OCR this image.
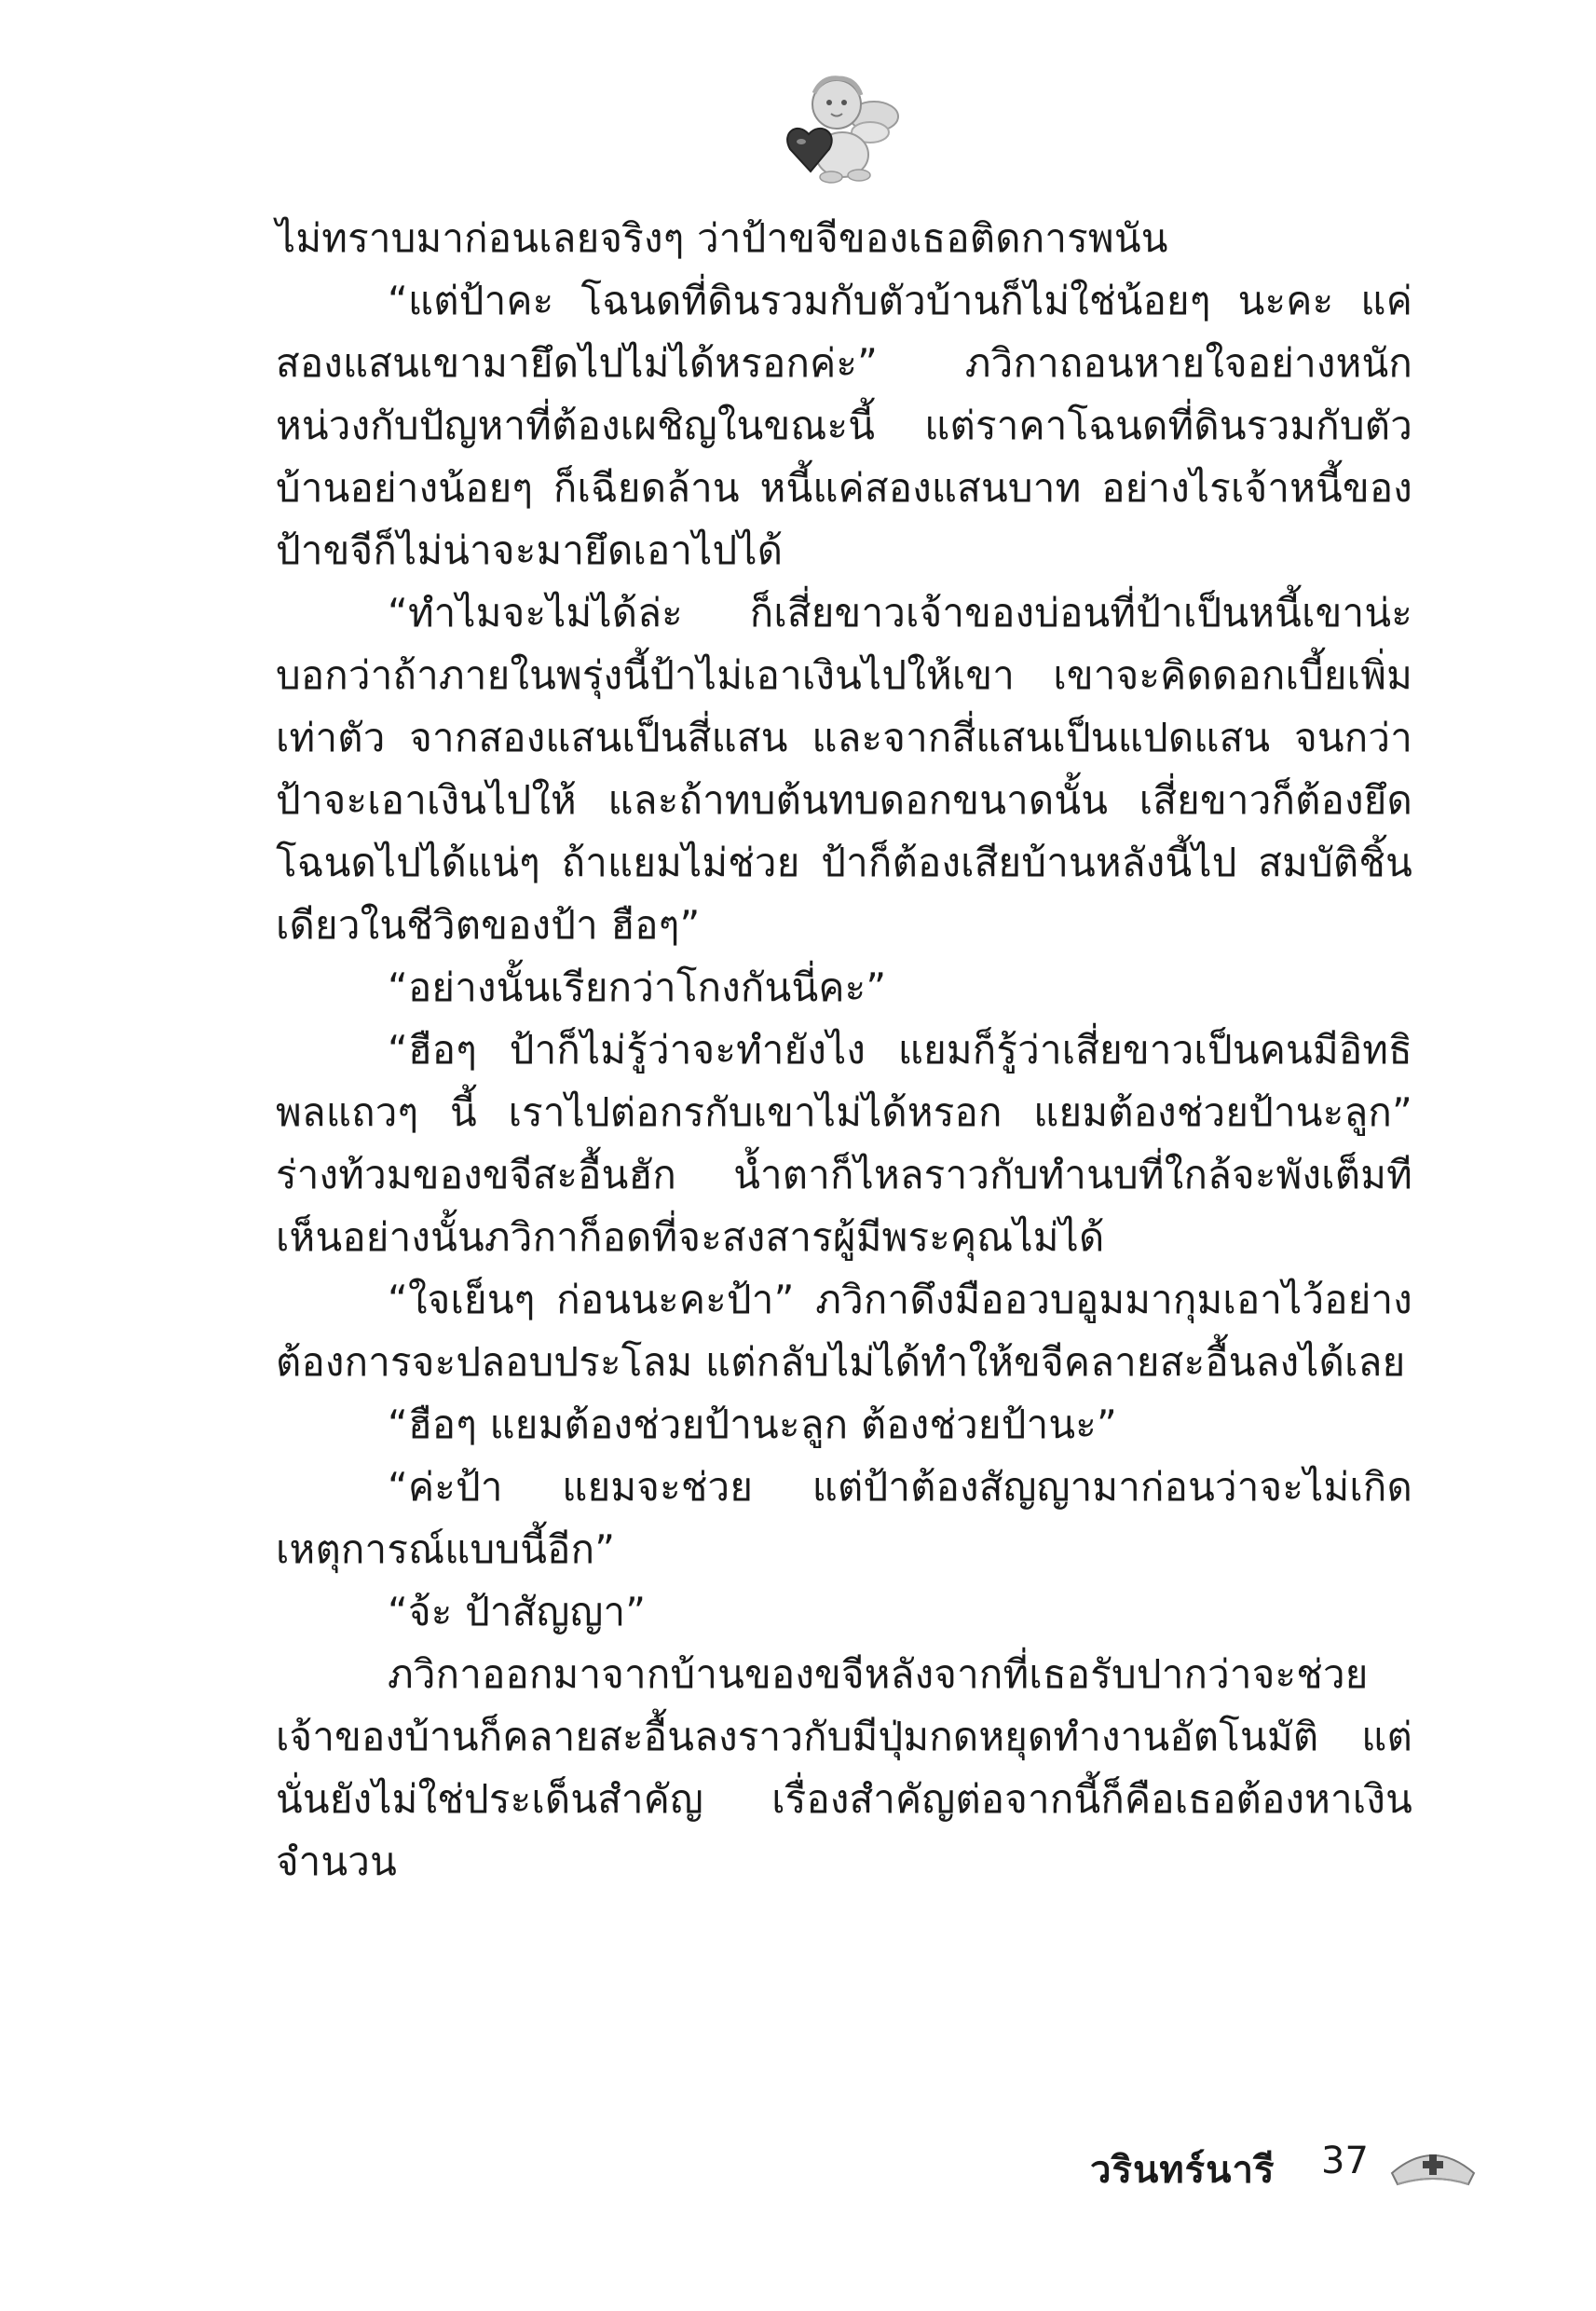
ไม่ทราบมาก่อนเลยจริงๆ ว่าป้าขจีของเธอติดการพนัน

“แต่ป้าคะ โฉนดที่ดินรวมกับตัวบ้านก็ไม่ใช่น้อยๆ นะคะ แค่สองแสนเขามายึดไปไม่ได้หรอกค่ะ” ภวิกาถอนหายใจอย่างหนักหน่วงกับปัญหาที่ต้องเผชิญในขณะนี้ แต่ราคาโฉนดที่ดินรวมกับตัวบ้านอย่างน้อยๆ ก็เฉียดล้าน หนี้แค่สองแสนบาท อย่างไรเจ้าหนี้ของป้าขจีก็ไม่น่าจะมายึดเอาไปได้

“ทำไมจะไม่ได้ล่ะ ก็เสี่ยขาวเจ้าของบ่อนที่ป้าเป็นหนี้เขาน่ะบอกว่าถ้าภายในพรุ่งนี้ป้าไม่เอาเงินไปให้เขา เขาจะคิดดอกเบี้ยเพิ่มเท่าตัว จากสองแสนเป็นสี่แสน และจากสี่แสนเป็นแปดแสน จนกว่าป้าจะเอาเงินไปให้ และถ้าทบต้นทบดอกขนาดนั้น เสี่ยขาวก็ต้องยึดโฉนดไปได้แน่ๆ ถ้าแยมไม่ช่วย ป้าก็ต้องเสียบ้านหลังนี้ไป สมบัติชิ้นเดียวในชีวิตของป้า ฮือๆ”

“อย่างนั้นเรียกว่าโกงกันนี่คะ”

“ฮือๆ ป้าก็ไม่รู้ว่าจะทำยังไง แยมก็รู้ว่าเสี่ยขาวเป็นคนมีอิทธิพลแถวๆ นี้ เราไปต่อกรกับเขาไม่ได้หรอก แยมต้องช่วยป้านะลูก” ร่างท้วมของขจีสะอื้นฮัก น้ำตาก็ไหลราวกับทำนบที่ใกล้จะพังเต็มที เห็นอย่างนั้นภวิกาก็อดที่จะสงสารผู้มีพระคุณไม่ได้

“ใจเย็นๆ ก่อนนะคะป้า” ภวิกาดึงมืออวบอูมมากุมเอาไว้อย่างต้องการจะปลอบประโลม แต่กลับไม่ได้ทำให้ขจีคลายสะอื้นลงได้เลย

“ฮือๆ แยมต้องช่วยป้านะลูก ต้องช่วยป้านะ”

“ค่ะป้า แยมจะช่วย แต่ป้าต้องสัญญามาก่อนว่าจะไม่เกิดเหตุการณ์แบบนี้อีก”

“จ้ะ ป้าสัญญา”

ภวิกาออกมาจากบ้านของขจีหลังจากที่เธอรับปากว่าจะช่วยเจ้าของบ้านก็คลายสะอื้นลงราวกับมีปุ่มกดหยุดทำงานอัตโนมัติ แต่นั่นยังไม่ใช่ประเด็นสำคัญ เรื่องสำคัญต่อจากนี้ก็คือเธอต้องหาเงินจำนวน

วรินทร์นารี 37
